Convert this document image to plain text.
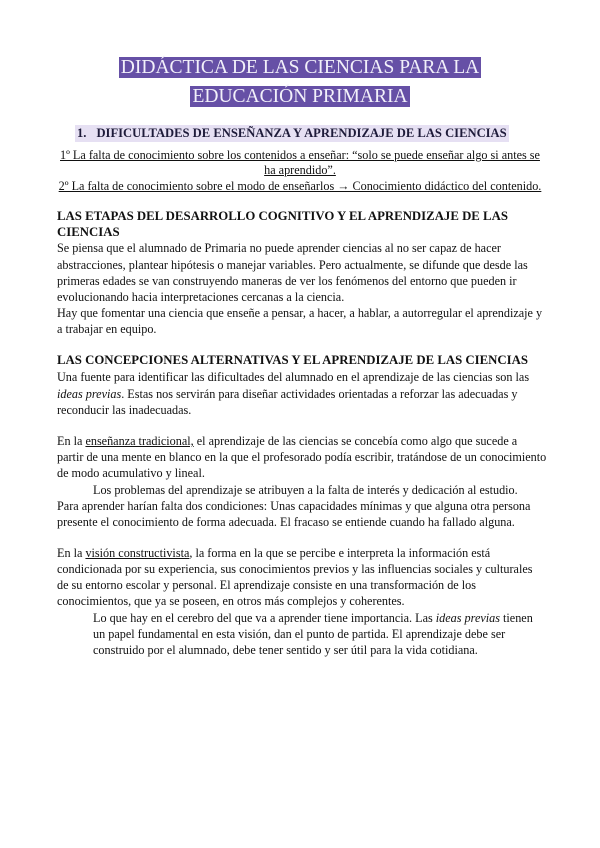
DIDÁCTICA DE LAS CIENCIAS PARA LA
EDUCACIÓN PRIMARIA
1. DIFICULTADES DE ENSEÑANZA Y APRENDIZAJE DE LAS CIENCIAS
1º La falta de conocimiento sobre los contenidos a enseñar: “solo se puede enseñar algo si antes se
ha aprendido”.
2º La falta de conocimiento sobre el modo de enseñarlos → Conocimiento didáctico del contenido.
LAS ETAPAS DEL DESARROLLO COGNITIVO Y EL APRENDIZAJE DE LAS
CIENCIAS
Se piensa que el alumnado de Primaria no puede aprender ciencias al no ser capaz de hacer
abstracciones, plantear hipótesis o manejar variables. Pero actualmente, se difunde que desde las
primeras edades se van construyendo maneras de ver los fenómenos del entorno que pueden ir
evolucionando hacia interpretaciones cercanas a la ciencia.
Hay que fomentar una ciencia que enseñe a pensar, a hacer, a hablar, a autorregular el aprendizaje y
a trabajar en equipo.
LAS CONCEPCIONES ALTERNATIVAS Y EL APRENDIZAJE DE LAS CIENCIAS
Una fuente para identificar las dificultades del alumnado en el aprendizaje de las ciencias son las
ideas previas. Estas nos servirán para diseñar actividades orientadas a reforzar las adecuadas y
reconducir las inadecuadas.
En la enseñanza tradicional, el aprendizaje de las ciencias se concebía como algo que sucede a
partir de una mente en blanco en la que el profesorado podía escribir, tratándose de un conocimiento
de modo acumulativo y lineal.
Los problemas del aprendizaje se atribuyen a la falta de interés y dedicación al estudio.
Para aprender harían falta dos condiciones: Unas capacidades mínimas y que alguna otra persona
presente el conocimiento de forma adecuada. El fracaso se entiende cuando ha fallado alguna.
En la visión constructivista, la forma en la que se percibe e interpreta la información está
condicionada por su experiencia, sus conocimientos previos y las influencias sociales y culturales
de su entorno escolar y personal. El aprendizaje consiste en una transformación de los
conocimientos, que ya se poseen, en otros más complejos y coherentes.
Lo que hay en el cerebro del que va a aprender tiene importancia. Las ideas previas tienen
un papel fundamental en esta visión, dan el punto de partida. El aprendizaje debe ser
construido por el alumnado, debe tener sentido y ser útil para la vida cotidiana.
